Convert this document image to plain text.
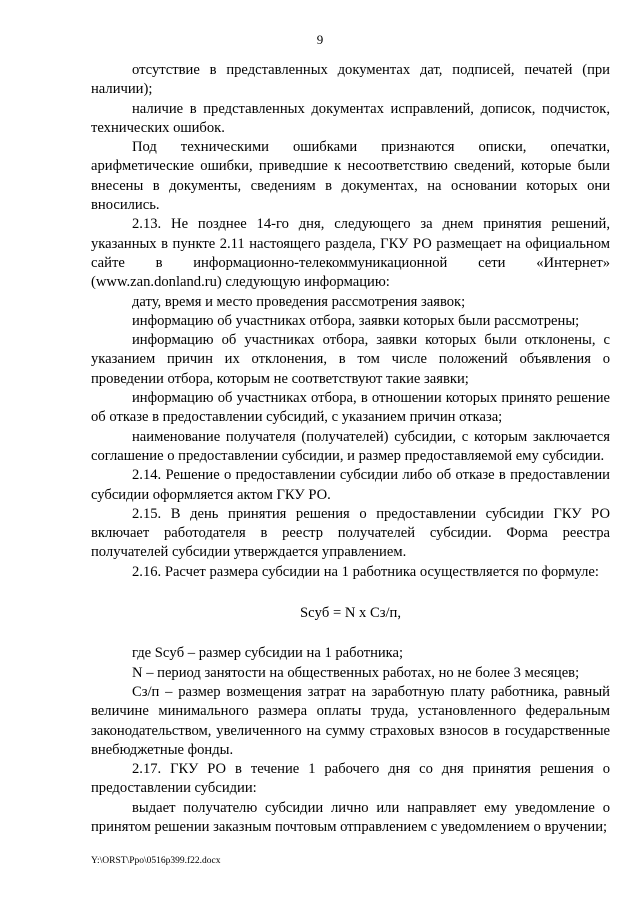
9

отсутствие в представленных документах дат, подписей, печатей (при наличии);

наличие в представленных документах исправлений, дописок, подчисток, технических ошибок.

Под техническими ошибками признаются описки, опечатки, арифметические ошибки, приведшие к несоответствию сведений, которые были внесены в документы, сведениям в документах, на основании которых они вносились.

2.13. Не позднее 14-го дня, следующего за днем принятия решений, указанных в пункте 2.11 настоящего раздела, ГКУ РО размещает на официальном сайте в информационно-телекоммуникационной сети «Интернет» (www.zan.donland.ru) следующую информацию:

дату, время и место проведения рассмотрения заявок;

информацию об участниках отбора, заявки которых были рассмотрены;

информацию об участниках отбора, заявки которых были отклонены, с указанием причин их отклонения, в том числе положений объявления о проведении отбора, которым не соответствуют такие заявки;

информацию об участниках отбора, в отношении которых принято решение об отказе в предоставлении субсидий, с указанием причин отказа;

наименование получателя (получателей) субсидии, с которым заключается соглашение о предоставлении субсидии, и размер предоставляемой ему субсидии.

2.14. Решение о предоставлении субсидии либо об отказе в предоставлении субсидии оформляется актом ГКУ РО.

2.15. В день принятия решения о предоставлении субсидии ГКУ РО включает работодателя в реестр получателей субсидии. Форма реестра получателей субсидии утверждается управлением.

2.16. Расчет размера субсидии на 1 работника осуществляется по формуле:

Scyб = N x Сз/п,

где Scyб – размер субсидии на 1 работника;

N – период занятости на общественных работах, но не более 3 месяцев;

Сз/п – размер возмещения затрат на заработную плату работника, равный величине минимального размера оплаты труда, установленного федеральным законодательством, увеличенного на сумму страховых взносов в государственные внебюджетные фонды.

2.17. ГКУ РО в течение 1 рабочего дня со дня принятия решения о предоставлении субсидии:

выдает получателю субсидии лично или направляет ему уведомление о принятом решении заказным почтовым отправлением с уведомлением о вручении;

Y:\ORST\Ppo\0516p399.f22.docx
